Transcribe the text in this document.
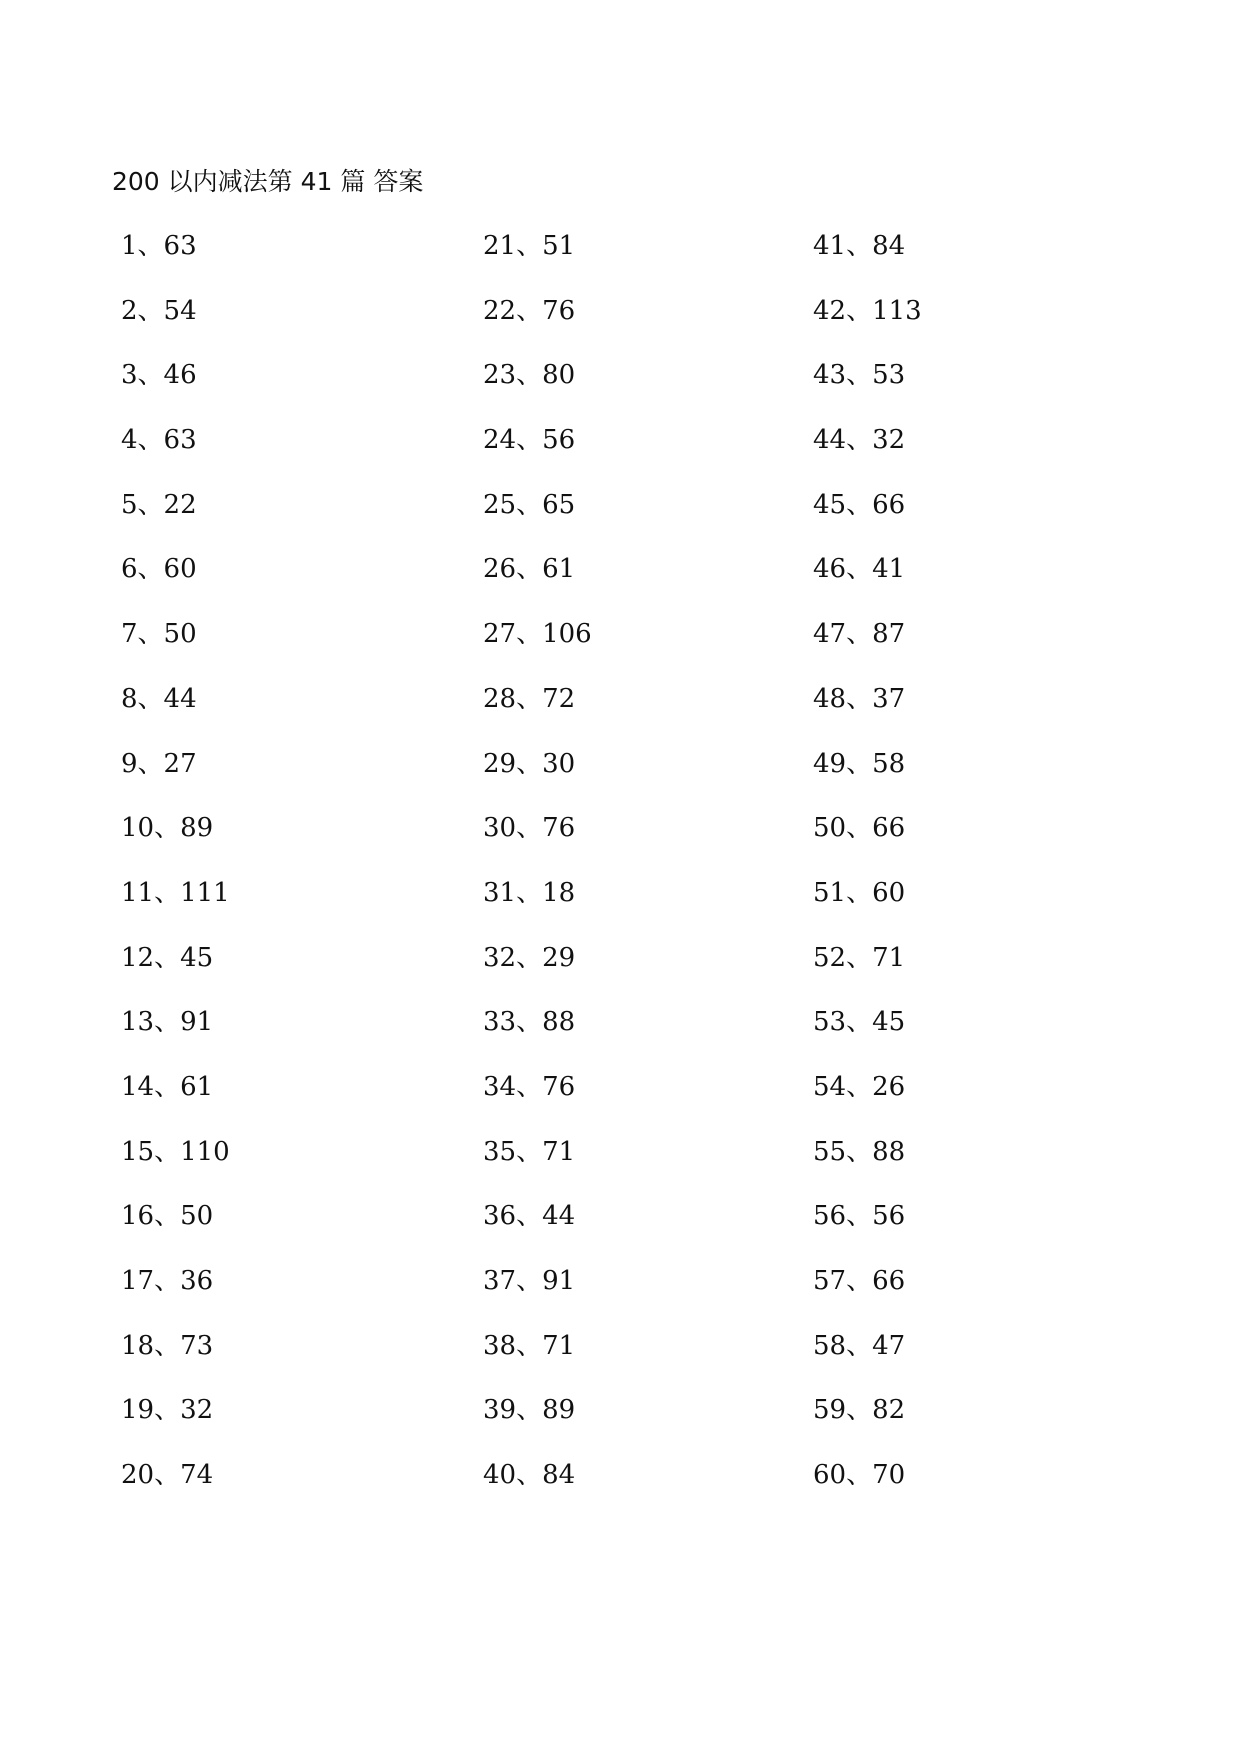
200 以内减法第 41 篇 答案
1、63
2、54
3、46
4、63
5、22
6、60
7、50
8、44
9、27
10、89
11、111
12、45
13、91
14、61
15、110
16、50
17、36
18、73
19、32
20、74
21、51
22、76
23、80
24、56
25、65
26、61
27、106
28、72
29、30
30、76
31、18
32、29
33、88
34、76
35、71
36、44
37、91
38、71
39、89
40、84
41、84
42、113
43、53
44、32
45、66
46、41
47、87
48、37
49、58
50、66
51、60
52、71
53、45
54、26
55、88
56、56
57、66
58、47
59、82
60、70
